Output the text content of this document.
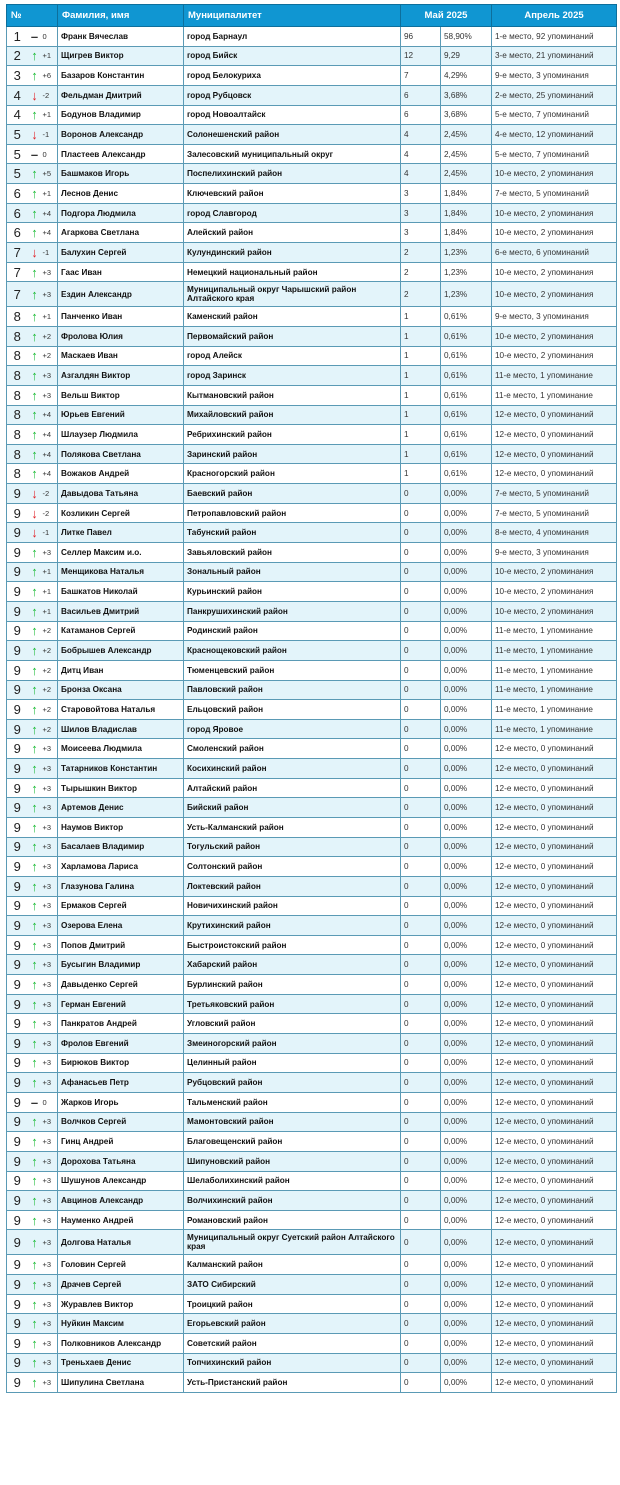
№			Фамилия, имя	Муниципалитет	Май 2025		Апрель 2025
1	–	0	Франк Вячеслав	город Барнаул	96	58,90%	1-е место, 92 упоминаний
2	↑	+1	Щигрев Виктор	город Бийск	12	9,29	3-е место, 21 упоминаний
3	↑	+6	Базаров Константин	город Белокуриха	7	4,29%	9-е место, 3 упоминания
4	↓	-2	Фельдман Дмитрий	город Рубцовск	6	3,68%	2-е место, 25 упоминаний
4	↑	+1	Бодунов Владимир	город Новоалтайск	6	3,68%	5-е место, 7 упоминаний
5	↓	-1	Воронов Александр	Солонешенский район	4	2,45%	4-е место, 12 упоминаний
5	–	0	Пластеев Александр	Залесовский муниципальный округ	4	2,45%	5-е место, 7 упоминаний
5	↑	+5	Башмаков Игорь	Поспелихинский район	4	2,45%	10-е место, 2 упоминания
6	↑	+1	Леснов Денис	Ключевский район	3	1,84%	7-е место, 5 упоминаний
6	↑	+4	Подгора Людмила	город Славгород	3	1,84%	10-е место, 2 упоминания
6	↑	+4	Агаркова Светлана	Алейский район	3	1,84%	10-е место, 2 упоминания
7	↓	-1	Балухин Сергей	Кулундинский район	2	1,23%	6-е место, 6 упоминаний
7	↑	+3	Гаас Иван	Немецкий национальный район	2	1,23%	10-е место, 2 упоминания
7	↑	+3	Ездин Александр	Муниципальный округ Чарышский район Алтайского края	2	1,23%	10-е место, 2 упоминания
8	↑	+1	Панченко Иван	Каменский район	1	0,61%	9-е место, 3 упоминания
8	↑	+2	Фролова Юлия	Первомайский район	1	0,61%	10-е место, 2 упоминания
8	↑	+2	Маскаев Иван	город Алейск	1	0,61%	10-е место, 2 упоминания
8	↑	+3	Азгалдян Виктор	город Заринск	1	0,61%	11-е место, 1 упоминание
8	↑	+3	Вельш Виктор	Кытмановский район	1	0,61%	11-е место, 1 упоминание
8	↑	+4	Юрьев Евгений	Михайловский район	1	0,61%	12-е место, 0 упоминаний
8	↑	+4	Шлаузер Людмила	Ребрихинский район	1	0,61%	12-е место, 0 упоминаний
8	↑	+4	Полякова Светлана	Заринский район	1	0,61%	12-е место, 0 упоминаний
8	↑	+4	Вожаков Андрей	Красногорский район	1	0,61%	12-е место, 0 упоминаний
9	↓	-2	Давыдова Татьяна	Баевский район	0	0,00%	7-е место, 5 упоминаний
9	↓	-2	Козликин Сергей	Петропавловский район	0	0,00%	7-е место, 5 упоминаний
9	↓	-1	Литке Павел	Табунский район	0	0,00%	8-е место, 4 упоминания
9	↑	+3	Селлер Максим и.о.	Завьяловский район	0	0,00%	9-е место, 3 упоминания
9	↑	+1	Менщикова Наталья	Зональный район	0	0,00%	10-е место, 2 упоминания
9	↑	+1	Башкатов Николай	Курьинский район	0	0,00%	10-е место, 2 упоминания
9	↑	+1	Васильев Дмитрий	Панкрушихинский район	0	0,00%	10-е место, 2 упоминания
9	↑	+2	Катаманов Сергей	Родинский район	0	0,00%	11-е место, 1 упоминание
9	↑	+2	Бобрышев Александр	Краснощековский район	0	0,00%	11-е место, 1 упоминание
9	↑	+2	Дитц Иван	Тюменцевский район	0	0,00%	11-е место, 1 упоминание
9	↑	+2	Бронза Оксана	Павловский район	0	0,00%	11-е место, 1 упоминание
9	↑	+2	Старовойтова Наталья	Ельцовский район	0	0,00%	11-е место, 1 упоминание
9	↑	+2	Шилов Владислав	город Яровое	0	0,00%	11-е место, 1 упоминание
9	↑	+3	Моисеева Людмила	Смоленский район	0	0,00%	12-е место, 0 упоминаний
9	↑	+3	Татарников Константин	Косихинский район	0	0,00%	12-е место, 0 упоминаний
9	↑	+3	Тырышкин Виктор	Алтайский район	0	0,00%	12-е место, 0 упоминаний
9	↑	+3	Артемов Денис	Бийский район	0	0,00%	12-е место, 0 упоминаний
9	↑	+3	Наумов Виктор	Усть-Калманский район	0	0,00%	12-е место, 0 упоминаний
9	↑	+3	Басалаев Владимир	Тогульский район	0	0,00%	12-е место, 0 упоминаний
9	↑	+3	Харламова Лариса	Солтонский район	0	0,00%	12-е место, 0 упоминаний
9	↑	+3	Глазунова Галина	Локтевский район	0	0,00%	12-е место, 0 упоминаний
9	↑	+3	Ермаков Сергей	Новичихинский район	0	0,00%	12-е место, 0 упоминаний
9	↑	+3	Озерова Елена	Крутихинский район	0	0,00%	12-е место, 0 упоминаний
9	↑	+3	Попов Дмитрий	Быстроистокский район	0	0,00%	12-е место, 0 упоминаний
9	↑	+3	Бусыгин Владимир	Хабарский район	0	0,00%	12-е место, 0 упоминаний
9	↑	+3	Давыденко Сергей	Бурлинский район	0	0,00%	12-е место, 0 упоминаний
9	↑	+3	Герман Евгений	Третьяковский район	0	0,00%	12-е место, 0 упоминаний
9	↑	+3	Панкратов Андрей	Угловский район	0	0,00%	12-е место, 0 упоминаний
9	↑	+3	Фролов Евгений	Змеиногорский район	0	0,00%	12-е место, 0 упоминаний
9	↑	+3	Бирюков Виктор	Целинный район	0	0,00%	12-е место, 0 упоминаний
9	↑	+3	Афанасьев Петр	Рубцовский район	0	0,00%	12-е место, 0 упоминаний
9	–	0	Жарков Игорь	Тальменский район	0	0,00%	12-е место, 0 упоминаний
9	↑	+3	Волчков Сергей	Мамонтовский район	0	0,00%	12-е место, 0 упоминаний
9	↑	+3	Гинц Андрей	Благовещенский район	0	0,00%	12-е место, 0 упоминаний
9	↑	+3	Дорохова Татьяна	Шипуновский район	0	0,00%	12-е место, 0 упоминаний
9	↑	+3	Шушунов Александр	Шелаболихинский район	0	0,00%	12-е место, 0 упоминаний
9	↑	+3	Авцинов Александр	Волчихинский район	0	0,00%	12-е место, 0 упоминаний
9	↑	+3	Науменко Андрей	Романовский район	0	0,00%	12-е место, 0 упоминаний
9	↑	+3	Долгова Наталья	Муниципальный округ Суетский район Алтайского края	0	0,00%	12-е место, 0 упоминаний
9	↑	+3	Головин Сергей	Калманский район	0	0,00%	12-е место, 0 упоминаний
9	↑	+3	Драчев Сергей	ЗАТО Сибирский	0	0,00%	12-е место, 0 упоминаний
9	↑	+3	Журавлев Виктор	Троицкий район	0	0,00%	12-е место, 0 упоминаний
9	↑	+3	Нуйкин Максим	Егорьевский район	0	0,00%	12-е место, 0 упоминаний
9	↑	+3	Полковников Александр	Советский район	0	0,00%	12-е место, 0 упоминаний
9	↑	+3	Треньхаев Денис	Топчихинский район	0	0,00%	12-е место, 0 упоминаний
9	↑	+3	Шипулина Светлана	Усть-Пристанский район	0	0,00%	12-е место, 0 упоминаний
